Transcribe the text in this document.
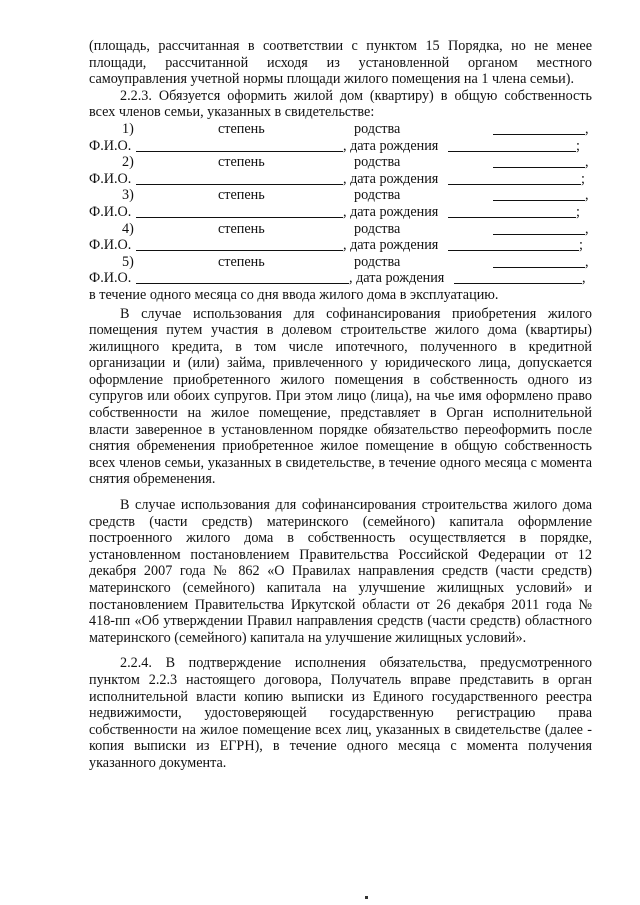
(площадь, рассчитанная в соответствии с пунктом 15 Порядка, но не менее площади, рассчитанной исходя из установленной органом местного самоуправления учетной нормы площади жилого помещения на 1 члена семьи).

2.2.3. Обязуется оформить жилой дом (квартиру) в общую собственность всех членов семьи, указанных в свидетельстве:

1)	степень	родства	,
Ф.И.О.	, дата рождения	;
2)	степень	родства	,
Ф.И.О.	, дата рождения	;
3)	степень	родства	,
Ф.И.О.	, дата рождения	;
4)	степень	родства	,
Ф.И.О.	, дата рождения	;
5)	степень	родства	,
Ф.И.О.	, дата рождения	,

в течение одного месяца со дня ввода жилого дома в эксплуатацию.

В случае использования для софинансирования приобретения жилого помещения путем участия в долевом строительстве жилого дома (квартиры) жилищного кредита, в том числе ипотечного, полученного в кредитной организации и (или) займа, привлеченного у юридического лица, допускается оформление приобретенного жилого помещения в собственность одного из супругов или обоих супругов. При этом лицо (лица), на чье имя оформлено право собственности на жилое помещение, представляет в Орган исполнительной власти заверенное в установленном порядке обязательство переоформить после снятия обременения приобретенное жилое помещение в общую собственность всех членов семьи, указанных в свидетельстве, в течение одного месяца с момента снятия обременения.

В случае использования для софинансирования строительства жилого дома средств (части средств) материнского (семейного) капитала оформление построенного жилого дома в собственность осуществляется в порядке, установленном постановлением Правительства Российской Федерации от 12 декабря 2007 года № 862 «О Правилах направления средств (части средств) материнского (семейного) капитала на улучшение жилищных условий» и постановлением Правительства Иркутской области от 26 декабря 2011 года № 418-пп «Об утверждении Правил направления средств (части средств) областного материнского (семейного) капитала на улучшение жилищных условий».

2.2.4. В подтверждение исполнения обязательства, предусмотренного пунктом 2.2.3 настоящего договора, Получатель вправе представить в орган исполнительной власти копию выписки из Единого государственного реестра недвижимости, удостоверяющей государственную регистрацию права собственности на жилое помещение всех лиц, указанных в свидетельстве (далее - копия выписки из ЕГРН), в течение одного месяца с момента получения указанного документа.
